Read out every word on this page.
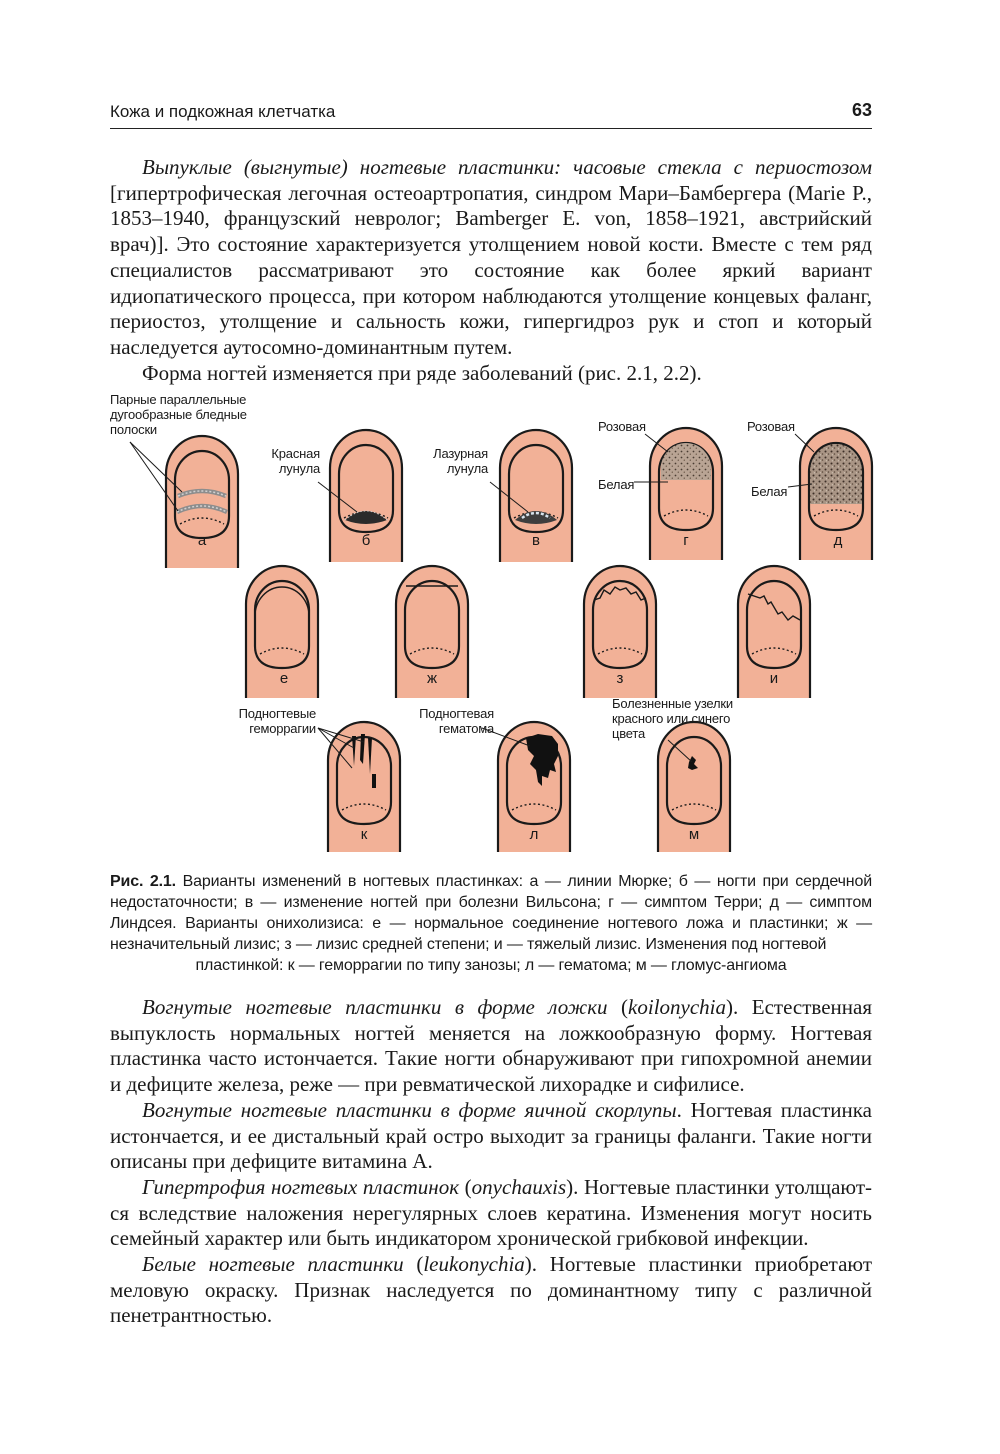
Кожа и подкожная клетчатка	63

Выпуклые (выгнутые) ногтевые пластинки: часовые стекла с периостозом [гипертрофическая легочная остеоартропатия, синдром Мари–Бамбергера (Marie P., 1853–1940, французский невролог; Bamberger E. von, 1858–1921, австрийский врач)]. Это состояние характеризуется утолщением новой кости. Вместе с тем ряд специалистов рассматривают это состояние как более яркий вариант идиопатического процесса, при котором наблюдаются утолщение концевых фаланг, периостоз, утолщение и сальность кожи, гипергидроз рук и стоп и который наследуется аутосомно-доминантным путем.

Форма ногтей изменяется при ряде заболеваний (рис. 2.1, 2.2).

Парные параллельные
дугообразные бледные
полоски
Красная
лунула
Лазурная
лунула
Розовая
Белая
Розовая
Белая
Подногтевые
геморрагии
Подногтевая
гематома
Болезненные узелки
красного или синего
цвета
а	б	в	г	д
е	ж	з	и
к	л	м
Рис. 2.1. Варианты изменений в ногтевых пластинках: а — линии Мюрке; б — ногти при сердечной недостаточности; в — изменение ногтей при болезни Вильсона; г — симптом Терри; д — симптом Линдсея. Варианты онихолизиса: е — нормальное соединение ногтевого ложа и пластинки; ж — незначительный лизис; з — лизис средней степени; и — тяжелый лизис. Изменения под ногтевой
пластинкой: к — геморрагии по типу занозы; л — гематома; м — гломус-ангиома

Вогнутые ногтевые пластинки в форме ложки (koilonychia). Естественная выпуклость нормальных ногтей меняется на ложкообразную форму. Ногтевая пластинка часто истончается. Такие ногти обнаруживают при гипохромной анемии и дефиците железа, реже — при ревматической лихорадке и сифилисе.

Вогнутые ногтевые пластинки в форме яичной скорлупы. Ногтевая пластинка истончается, и ее дистальный край остро выходит за границы фаланги. Такие ногти описаны при дефиците витамина А.

Гипертрофия ногтевых пластинок (onychauxis). Ногтевые пластинки утолщают-ся вследствие наложения нерегулярных слоев кератина. Изменения могут носить семейный характер или быть индикатором хронической грибковой инфекции.

Белые ногтевые пластинки (leukonychia). Ногтевые пластинки приобретают меловую окраску. Признак наследуется по доминантному типу с различной пенетрантностью.
